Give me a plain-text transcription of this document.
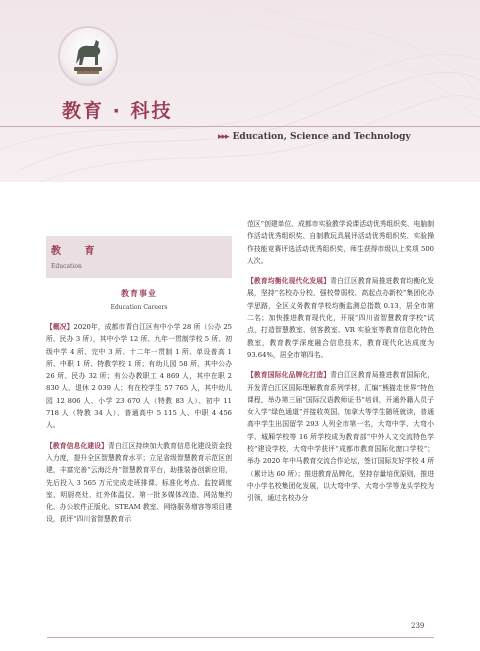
教育 · 科技
▸▸▸ Education, Science and Technology
教 育
Education
教育事业
Education Careers

【概况】2020年，成都市青白江区有中小学 28 所（公办 25 所、民办 3 所），其中小学 12 所、九年一贯制学校 5 所、初级中学 4 所、完中 3 所、十二年一贯制 1 所、单设普高 1 所、中职 1 所、特教学校 1 所；有幼儿园 58 所，其中公办 26 所、民办 32 所；有公办教职工 4 869 人，其中在职 2 830 人、退休 2 039 人；有在校学生 57 765 人，其中幼儿园 12 806 人、小学 23 670 人（特教 83 人）、初中 11 718 人（特教 34 人）、普通高中 5 115 人、中职 4 456 人。

【教育信息化建设】青白江区持续加大教育信息化建设资金投入力度，提升全区智慧教育水平；立足省级智慧教育示范区创建，丰富完善“云海泛舟”智慧教育平台，助推装备创新应用，先后投入 3 565 万元完成走班排课、标准化考点、监控调度室、明厨亮灶、红外体温仪、第一批多媒体改造、网站集约化、办公软件正版化、STEAM 教室、网络服务增容等项目建设，获评“四川省智慧教育示

范区”创建单位、成都市实验教学说课活动优秀组织奖、电脑制作活动优秀组织奖、自制教玩具展评活动优秀组织奖、实验操作技能竞赛评选活动优秀组织奖，师生获得市级以上奖项 500 人次。

【教育均衡化现代化发展】青白江区教育局推进教育均衡化发展，坚持“名校办分校、强校带弱校、高起点办新校”集团化办学思路，全区义务教育学校均衡监测总指数 0.13，居全市第二名；加快推进教育现代化，开展“四川省智慧教育学校”试点，打造智慧教室、创客教室、VR 实验室等教育信息化特色教室，教育教学深度融合信息技术，教育现代化达成度为 93.64%，居全市第四名。

【教育国际化品牌化打造】青白江区教育局推进教育国际化，开发青白江区国际理解教育系列学材，汇编“熊猫走世界”特色课程，举办第三届“国际汉语教师证书”培训，开通外籍人员子女入学“绿色通道”并接收英国、加拿大等学生随班就读，普通高中学生出国留学 293 人列全市第一名，大弯中学、大弯小学、城厢学校等 16 所学校成为教育部“中外人文交流特色学校”建设学校，大弯中学获评“成都市教育国际化窗口学校”；举办 2020 年中马教育交流合作论坛，签订国际友好学校 4 所（累计达 60 所）；推进教育品牌化，坚持存量培优原则，推进中小学名校集团化发展，以大弯中学、大弯小学等龙头学校为引领，通过名校办分

239
